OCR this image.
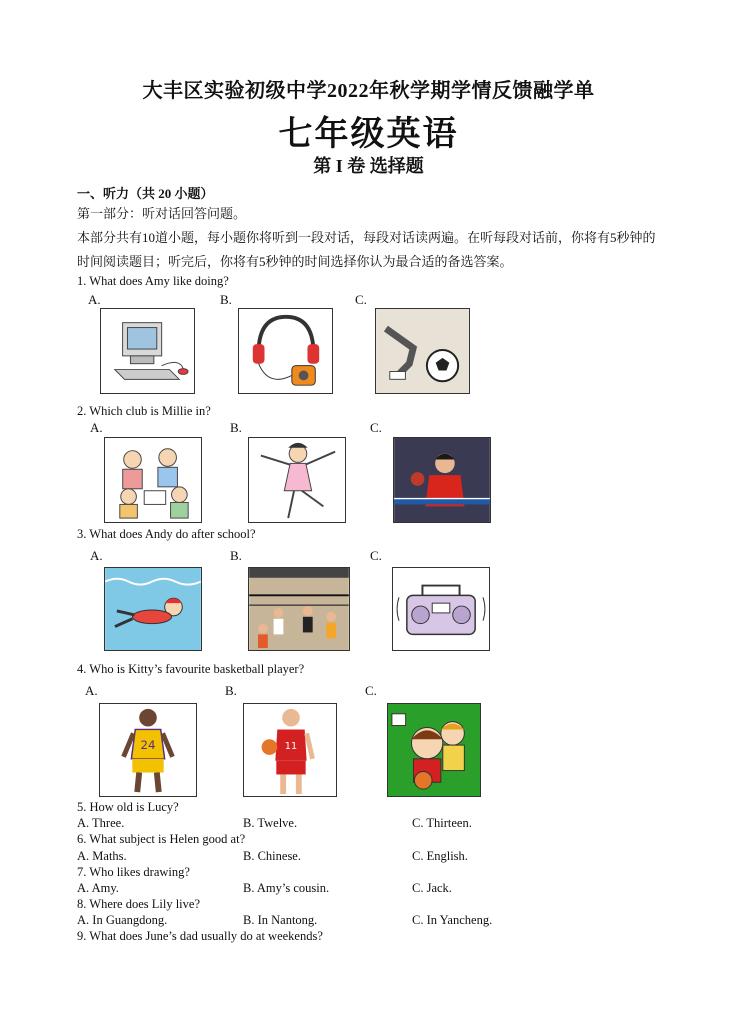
大丰区实验初级中学2022年秋学期学情反馈融学单
七年级英语
第 I 卷 选择题
一、听力（共 20 小题）
第一部分：听对话回答问题。
本部分共有10道小题，每小题你将听到一段对话，每段对话读两遍。在听每段对话前，你将有5秒钟的时间阅读题目；听完后，你将有5秒钟的时间选择你认为最合适的备选答案。
1. What does Amy like doing?
A.	B.	C.
2. Which club is Millie in?
A.	B.	C.
3. What does Andy do after school?
A.	B.	C.
4. Who is Kitty’s favourite basketball player?
A.	B.	C.
24	11
5. How old is Lucy?
A. Three.	B. Twelve.	C. Thirteen.
6. What subject is Helen good at?
A. Maths.	B. Chinese.	C. English.
7. Who likes drawing?
A. Amy.	B. Amy’s cousin.	C. Jack.
8. Where does Lily live?
A. In Guangdong.	B. In Nantong.	C. In Yancheng.
9. What does June’s dad usually do at weekends?
